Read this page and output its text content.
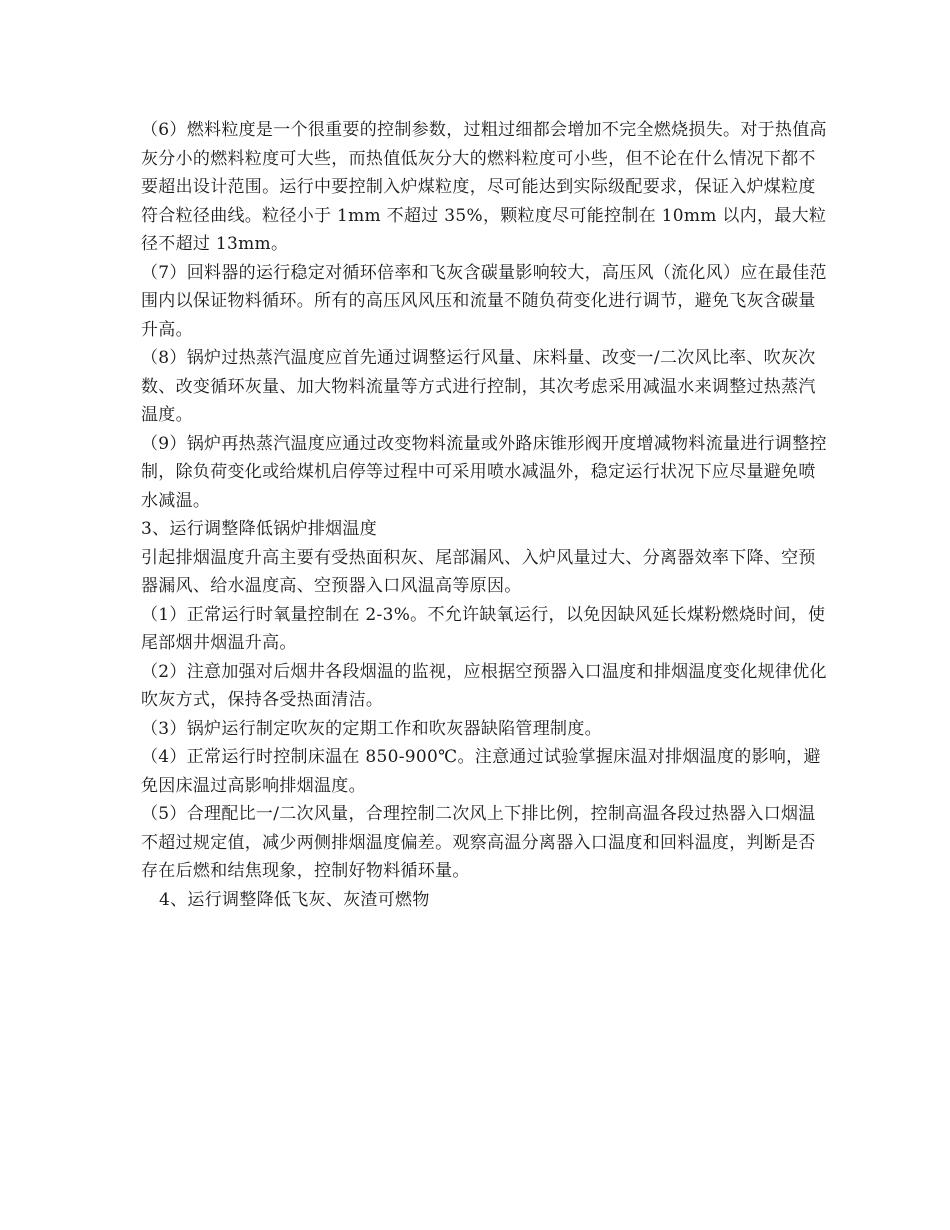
（6）燃料粒度是一个很重要的控制参数，过粗过细都会增加不完全燃烧损失。对于热值高灰分小的燃料粒度可大些，而热值低灰分大的燃料粒度可小些，但不论在什么情况下都不要超出设计范围。运行中要控制入炉煤粒度，尽可能达到实际级配要求，保证入炉煤粒度符合粒径曲线。粒径小于 1mm 不超过 35%，颗粒度尽可能控制在 10mm 以内，最大粒径不超过 13mm。

（7）回料器的运行稳定对循环倍率和飞灰含碳量影响较大，高压风（流化风）应在最佳范围内以保证物料循环。所有的高压风风压和流量不随负荷变化进行调节，避免飞灰含碳量升高。

（8）锅炉过热蒸汽温度应首先通过调整运行风量、床料量、改变一/二次风比率、吹灰次数、改变循环灰量、加大物料流量等方式进行控制，其次考虑采用减温水来调整过热蒸汽温度。

（9）锅炉再热蒸汽温度应通过改变物料流量或外路床锥形阀开度增减物料流量进行调整控制，除负荷变化或给煤机启停等过程中可采用喷水减温外，稳定运行状况下应尽量避免喷水减温。

3、运行调整降低锅炉排烟温度

引起排烟温度升高主要有受热面积灰、尾部漏风、入炉风量过大、分离器效率下降、空预器漏风、给水温度高、空预器入口风温高等原因。

（1）正常运行时氧量控制在 2-3%。不允许缺氧运行，以免因缺风延长煤粉燃烧时间，使尾部烟井烟温升高。

（2）注意加强对后烟井各段烟温的监视，应根据空预器入口温度和排烟温度变化规律优化吹灰方式，保持各受热面清洁。

（3）锅炉运行制定吹灰的定期工作和吹灰器缺陷管理制度。

（4）正常运行时控制床温在 850-900℃。注意通过试验掌握床温对排烟温度的影响，避免因床温过高影响排烟温度。

（5）合理配比一/二次风量，合理控制二次风上下排比例，控制高温各段过热器入口烟温不超过规定值，减少两侧排烟温度偏差。观察高温分离器入口温度和回料温度，判断是否存在后燃和结焦现象，控制好物料循环量。

4、运行调整降低飞灰、灰渣可燃物
